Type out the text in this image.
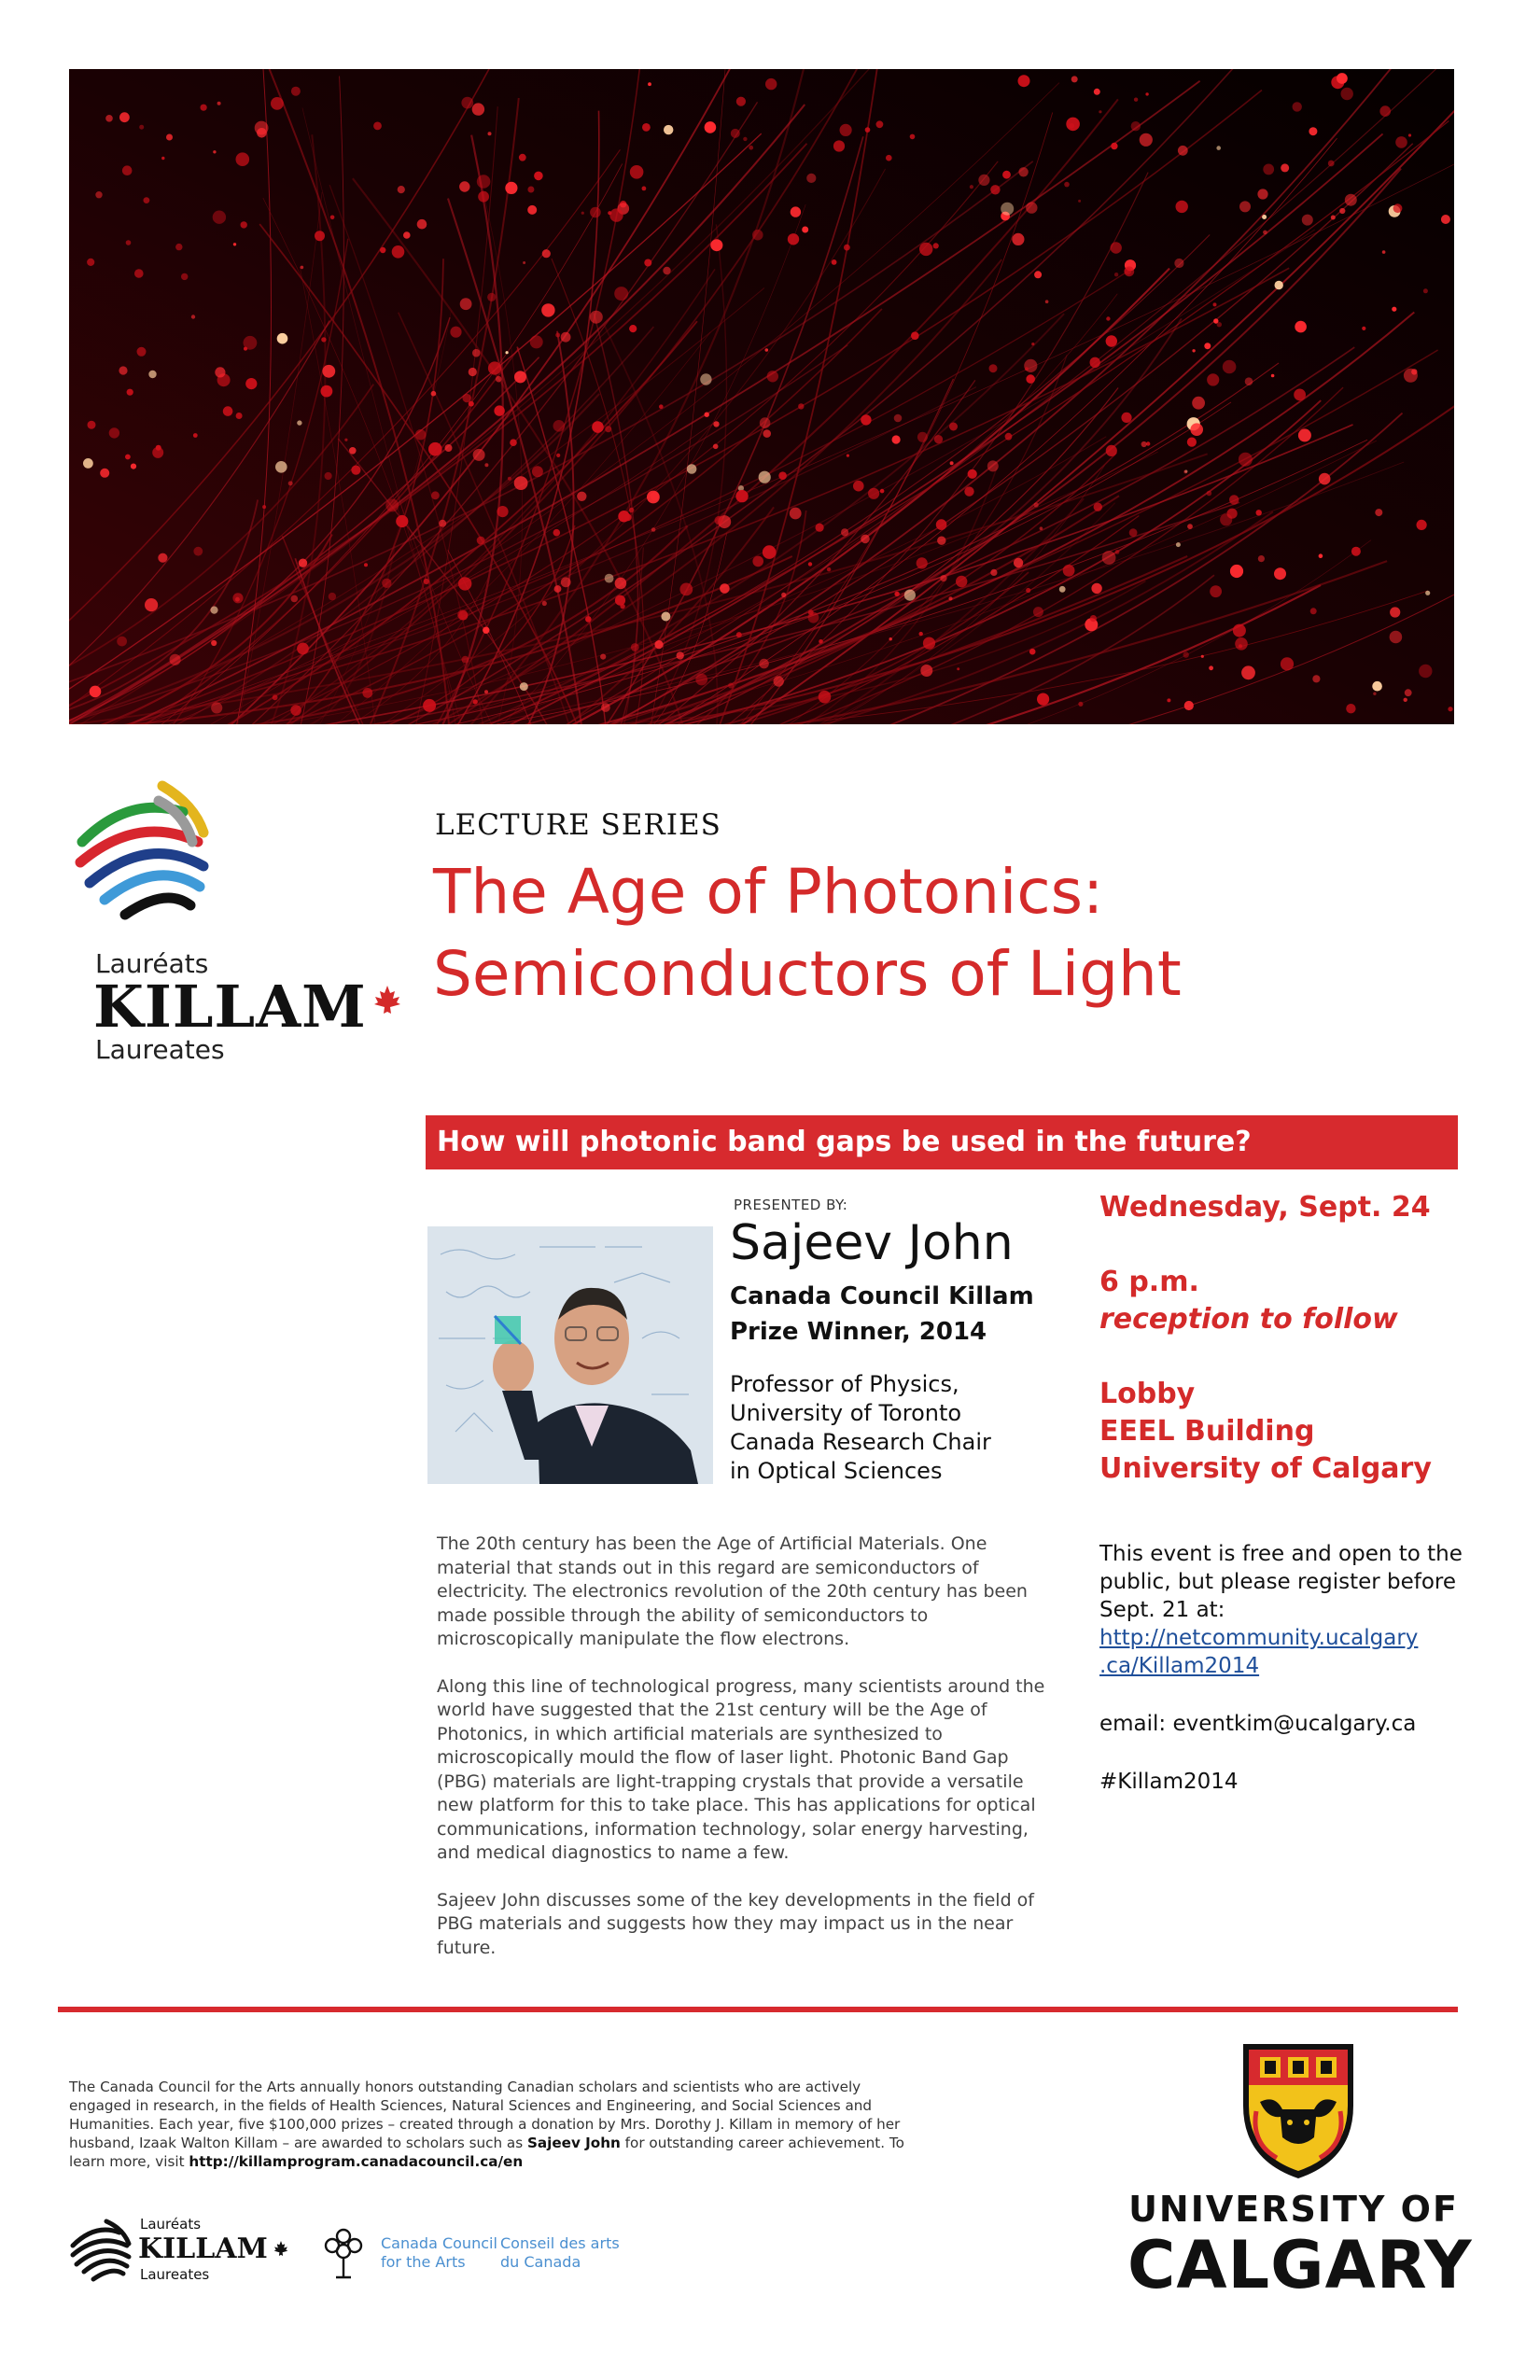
Lauréats
KILLAM
Laureates
LECTURE SERIES
The Age of Photonics:
Semiconductors of Light
How will photonic band gaps be used in the future?
PRESENTED BY:
Sajeev John
Canada Council Killam
Prize Winner, 2014
Professor of Physics,
University of Toronto
Canada Research Chair
in Optical Sciences

The 20th century has been the Age of Artificial Materials. One material that stands out in this regard are semiconductors of electricity. The electronics revolution of the 20th century has been made possible through the ability of semiconductors to microscopically manipulate the flow electrons.

Along this line of technological progress, many scientists around the world have suggested that the 21st century will be the Age of Photonics, in which artificial materials are synthesized to microscopically mould the flow of laser light. Photonic Band Gap (PBG) materials are light-trapping crystals that provide a versatile new platform for this to take place. This has applications for optical communications, information technology, solar energy harvesting, and medical diagnostics to name a few.

Sajeev John discusses some of the key developments in the field of PBG materials and suggests how they may impact us in the near future.

Wednesday, Sept. 24
6 p.m.
reception to follow
Lobby
EEEL Building
University of Calgary
This event is free and open to the public, but please register before Sept. 21 at:
http://netcommunity.ucalgary
.ca/Killam2014
email: eventkim@ucalgary.ca
#Killam2014
The Canada Council for the Arts annually honors outstanding Canadian scholars and scientists who are actively engaged in research, in the fields of Health Sciences, Natural Sciences and Engineering, and Social Sciences and Humanities. Each year, five $100,000 prizes – created through a donation by Mrs. Dorothy J. Killam in memory of her husband, Izaak Walton Killam – are awarded to scholars such as Sajeev John for outstanding career achievement. To learn more, visit http://killamprogram.canadacouncil.ca/en
Lauréats
KILLAM
Laureates
Canada Council
for the Arts
Conseil des arts
du Canada
UNIVERSITY OF
CALGARY
